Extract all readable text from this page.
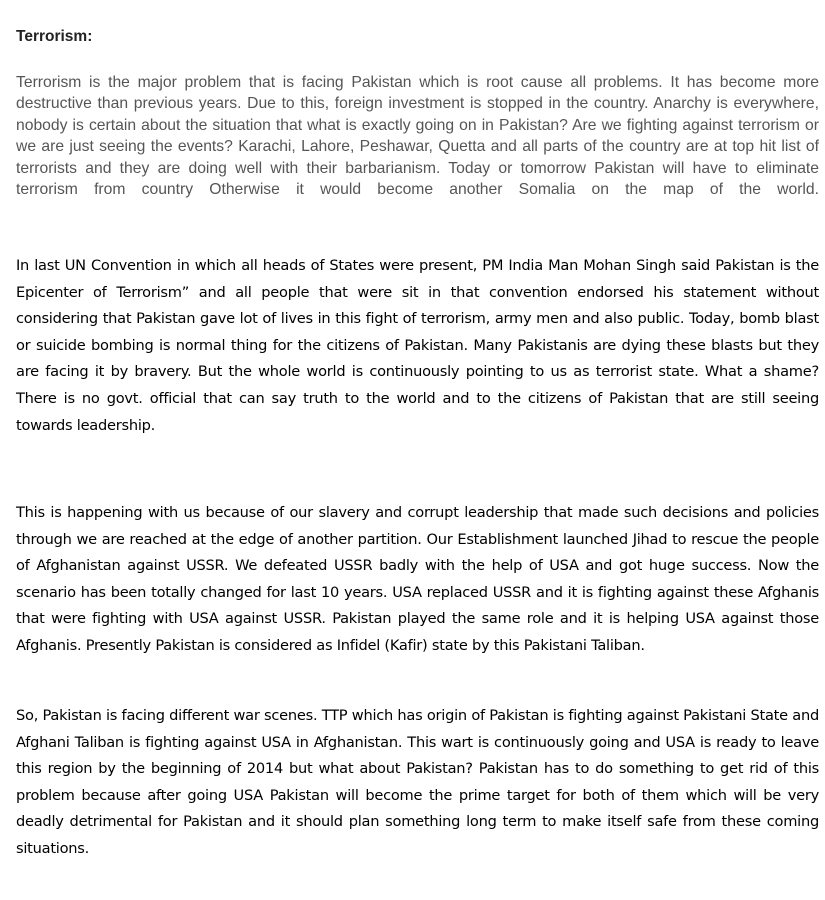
Terrorism:

Terrorism is the major problem that is facing Pakistan which is root cause all problems. It has become more destructive than previous years. Due to this, foreign investment is stopped in the country. Anarchy is everywhere, nobody is certain about the situation that what is exactly going on in Pakistan? Are we fighting against terrorism or we are just seeing the events? Karachi, Lahore, Peshawar, Quetta and all parts of the country are at top hit list of terrorists and they are doing well with their barbarianism. Today or tomorrow Pakistan will have to eliminate terrorism from country Otherwise it would become another Somalia on the map of the world.

In last UN Convention in which all heads of States were present, PM India Man Mohan Singh said Pakistan is the Epicenter of Terrorism” and all people that were sit in that convention endorsed his statement without considering that Pakistan gave lot of lives in this fight of terrorism, army men and also public. Today, bomb blast or suicide bombing is normal thing for the citizens of Pakistan. Many Pakistanis are dying these blasts but they are facing it by bravery. But the whole world is continuously pointing to us as terrorist state. What a shame? There is no govt. official that can say truth to the world and to the citizens of Pakistan that are still seeing towards leadership.

This is happening with us because of our slavery and corrupt leadership that made such decisions and policies through we are reached at the edge of another partition. Our Establishment launched Jihad to rescue the people of Afghanistan against USSR. We defeated USSR badly with the help of USA and got huge success. Now the scenario has been totally changed for last 10 years. USA replaced USSR and it is fighting against these Afghanis that were fighting with USA against USSR. Pakistan played the same role and it is helping USA against those Afghanis. Presently Pakistan is considered as Infidel (Kafir) state by this Pakistani Taliban.

So, Pakistan is facing different war scenes. TTP which has origin of Pakistan is fighting against Pakistani State and Afghani Taliban is fighting against USA in Afghanistan. This wart is continuously going and USA is ready to leave this region by the beginning of 2014 but what about Pakistan? Pakistan has to do something to get rid of this problem because after going USA Pakistan will become the prime target for both of them which will be very deadly detrimental for Pakistan and it should plan something long term to make itself safe from these coming situations.
